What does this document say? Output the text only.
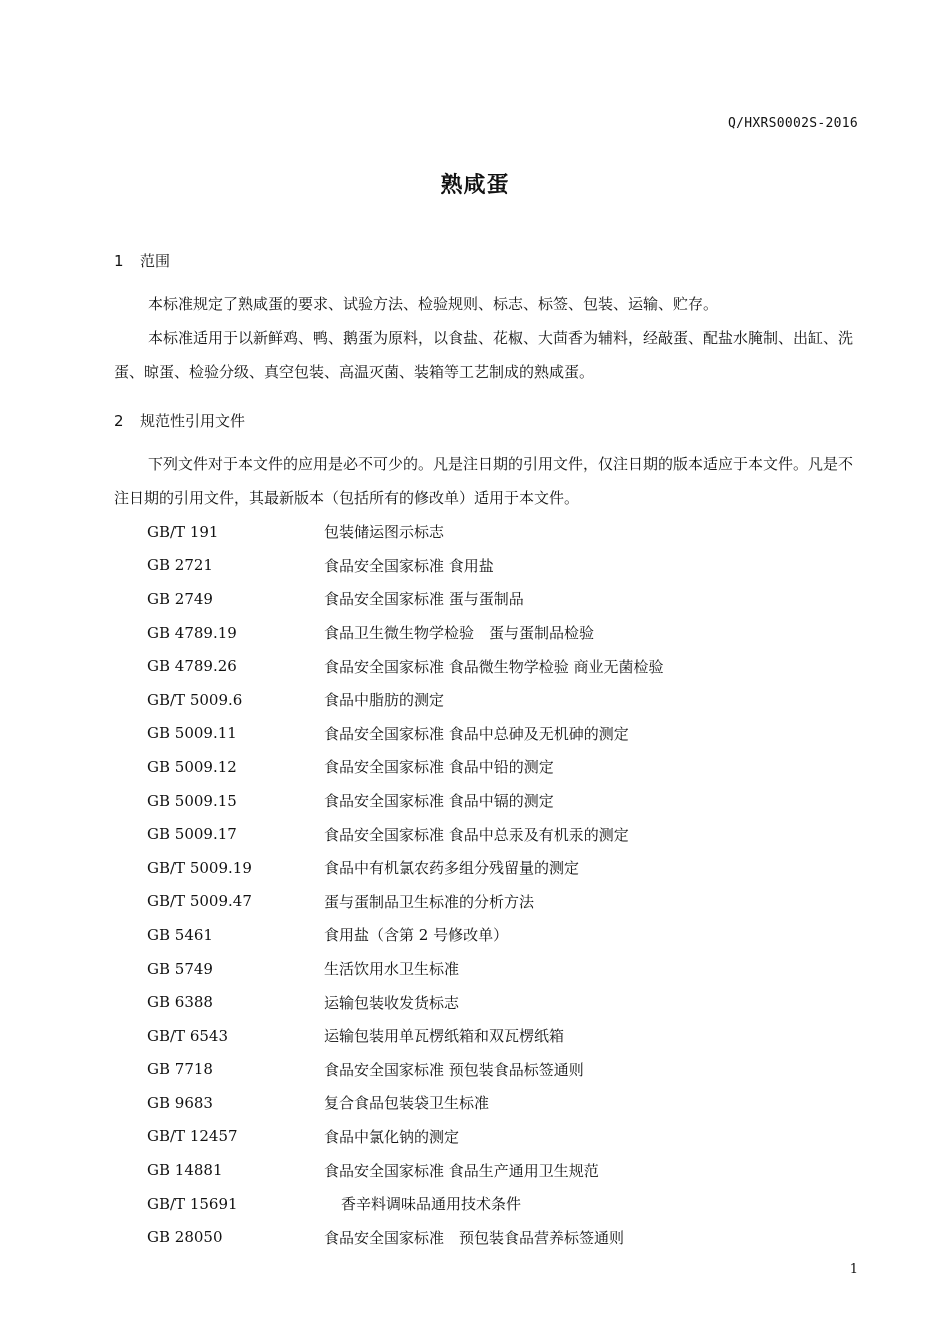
Q/HXRS0002S-2016
熟咸蛋
1 范围

本标准规定了熟咸蛋的要求、试验方法、检验规则、标志、标签、包装、运输、贮存。

本标准适用于以新鲜鸡、鸭、鹅蛋为原料，以食盐、花椒、大茴香为辅料，经敲蛋、配盐水腌制、出缸、洗蛋、晾蛋、检验分级、真空包装、高温灭菌、装箱等工艺制成的熟咸蛋。

2 规范性引用文件

下列文件对于本文件的应用是必不可少的。凡是注日期的引用文件，仅注日期的版本适应于本文件。凡是不注日期的引用文件，其最新版本（包括所有的修改单）适用于本文件。

GB/T 191	包装储运图示标志
GB 2721	食品安全国家标准 食用盐
GB 2749	食品安全国家标准 蛋与蛋制品
GB 4789.19	食品卫生微生物学检验　蛋与蛋制品检验
GB 4789.26	食品安全国家标准 食品微生物学检验 商业无菌检验
GB/T 5009.6	食品中脂肪的测定
GB 5009.11	食品安全国家标准 食品中总砷及无机砷的测定
GB 5009.12	食品安全国家标准 食品中铅的测定
GB 5009.15	食品安全国家标准 食品中镉的测定
GB 5009.17	食品安全国家标准 食品中总汞及有机汞的测定
GB/T 5009.19	食品中有机氯农药多组分残留量的测定
GB/T 5009.47	蛋与蛋制品卫生标准的分析方法
GB 5461	食用盐（含第 2 号修改单）
GB 5749	生活饮用水卫生标准
GB 6388	运输包装收发货标志
GB/T 6543	运输包装用单瓦楞纸箱和双瓦楞纸箱
GB 7718	食品安全国家标准 预包装食品标签通则
GB 9683	复合食品包装袋卫生标准
GB/T 12457	食品中氯化钠的测定
GB 14881	食品安全国家标准 食品生产通用卫生规范
GB/T 15691	香辛料调味品通用技术条件
GB 28050	食品安全国家标准　预包装食品营养标签通则
1
